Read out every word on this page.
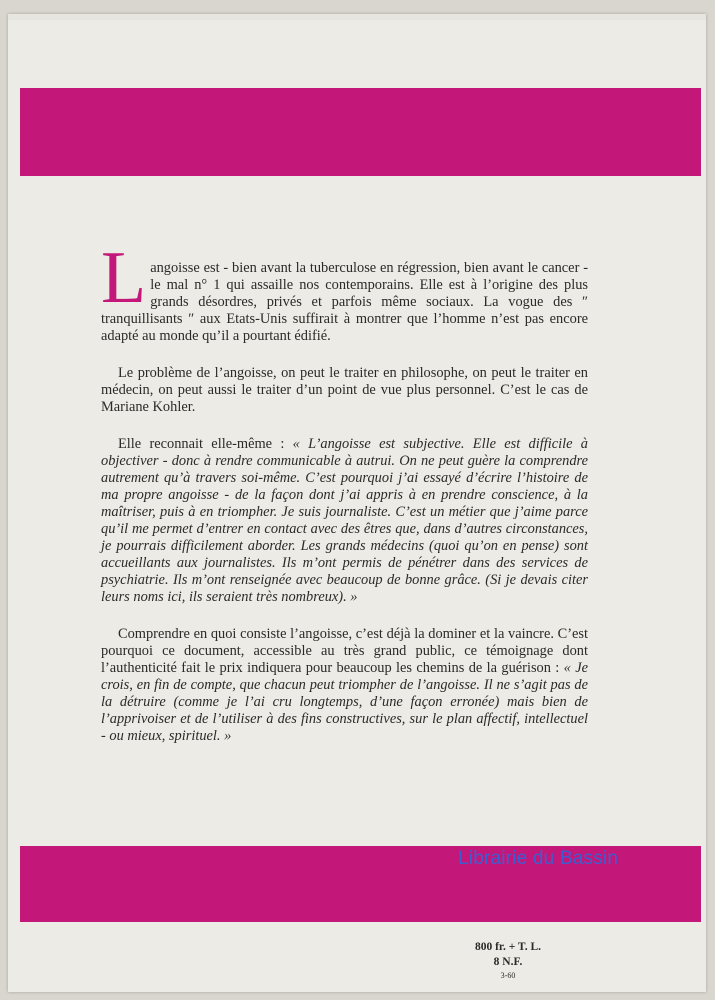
Langoisse est - bien avant la tuberculose en régression, bien avant le cancer - le mal n° 1 qui assaille nos contemporains. Elle est à l’origine des plus grands désordres, privés et parfois même sociaux. La vogue des ″ tranquillisants ″ aux Etats-Unis suffirait à montrer que l’homme n’est pas encore adapté au monde qu’il a pourtant édifié.

Le problème de l’angoisse, on peut le traiter en philosophe, on peut le traiter en médecin, on peut aussi le traiter d’un point de vue plus personnel. C’est le cas de Mariane Kohler.

Elle reconnait elle-même : « L’angoisse est subjective. Elle est difficile à objectiver - donc à rendre communicable à autrui. On ne peut guère la comprendre autrement qu’à travers soi-même. C’est pourquoi j’ai essayé d’écrire l’histoire de ma propre angoisse - de la façon dont j’ai appris à en prendre conscience, à la maîtriser, puis à en triompher. Je suis journaliste. C’est un métier que j’aime parce qu’il me permet d’entrer en contact avec des êtres que, dans d’autres circonstances, je pourrais difficilement aborder. Les grands médecins (quoi qu’on en pense) sont accueillants aux journalistes. Ils m’ont permis de pénétrer dans des services de psychiatrie. Ils m’ont renseignée avec beaucoup de bonne grâce. (Si je devais citer leurs noms ici, ils seraient très nombreux). »

Comprendre en quoi consiste l’angoisse, c’est déjà la dominer et la vaincre. C’est pourquoi ce document, accessible au très grand public, ce témoignage dont l’authenticité fait le prix indiquera pour beaucoup les chemins de la guérison : « Je crois, en fin de compte, que chacun peut triompher de l’angoisse. Il ne s’agit pas de la détruire (comme je l’ai cru longtemps, d’une façon erronée) mais bien de l’apprivoiser et de l’utiliser à des fins constructives, sur le plan affectif, intellectuel - ou mieux, spirituel. »

Librairie du Bassin
800 fr. + T. L.
8 N.F.
3-60
